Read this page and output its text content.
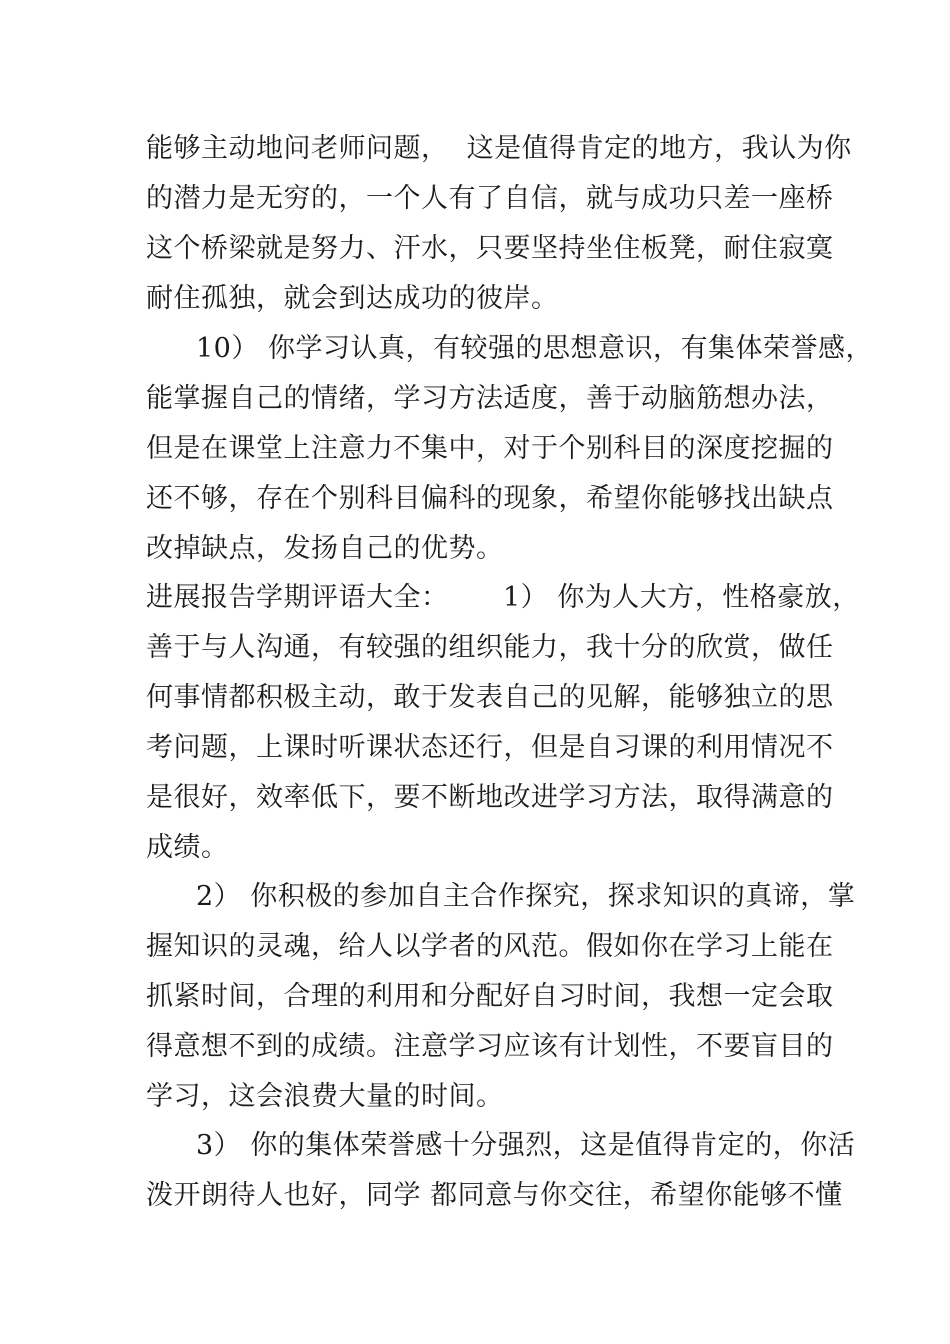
能够主动地问老师问题，  这是值得肯定的地方，我认为你
的潜力是无穷的，一个人有了自信，就与成功只差一座桥
这个桥梁就是努力、汗水，只要坚持坐住板凳，耐住寂寞
耐住孤独，就会到达成功的彼岸。
10） 你学习认真，有较强的思想意识，有集体荣誉感，
能掌握自己的情绪，学习方法适度，善于动脑筋想办法，
但是在课堂上注意力不集中，对于个别科目的深度挖掘的
还不够，存在个别科目偏科的现象，希望你能够找出缺点
改掉缺点，发扬自己的优势。
进展报告学期评语大全：      1） 你为人大方，性格豪放，
善于与人沟通，有较强的组织能力，我十分的欣赏，做任
何事情都积极主动，敢于发表自己的见解，能够独立的思
考问题，上课时听课状态还行，但是自习课的利用情况不
是很好，效率低下，要不断地改进学习方法，取得满意的
成绩。
2） 你积极的参加自主合作探究，探求知识的真谛，掌
握知识的灵魂，给人以学者的风范。假如你在学习上能在
抓紧时间，合理的利用和分配好自习时间，我想一定会取
得意想不到的成绩。注意学习应该有计划性，不要盲目的
学习，这会浪费大量的时间。
3） 你的集体荣誉感十分强烈，这是值得肯定的，你活
泼开朗待人也好，同学 都同意与你交往，希望你能够不懂
